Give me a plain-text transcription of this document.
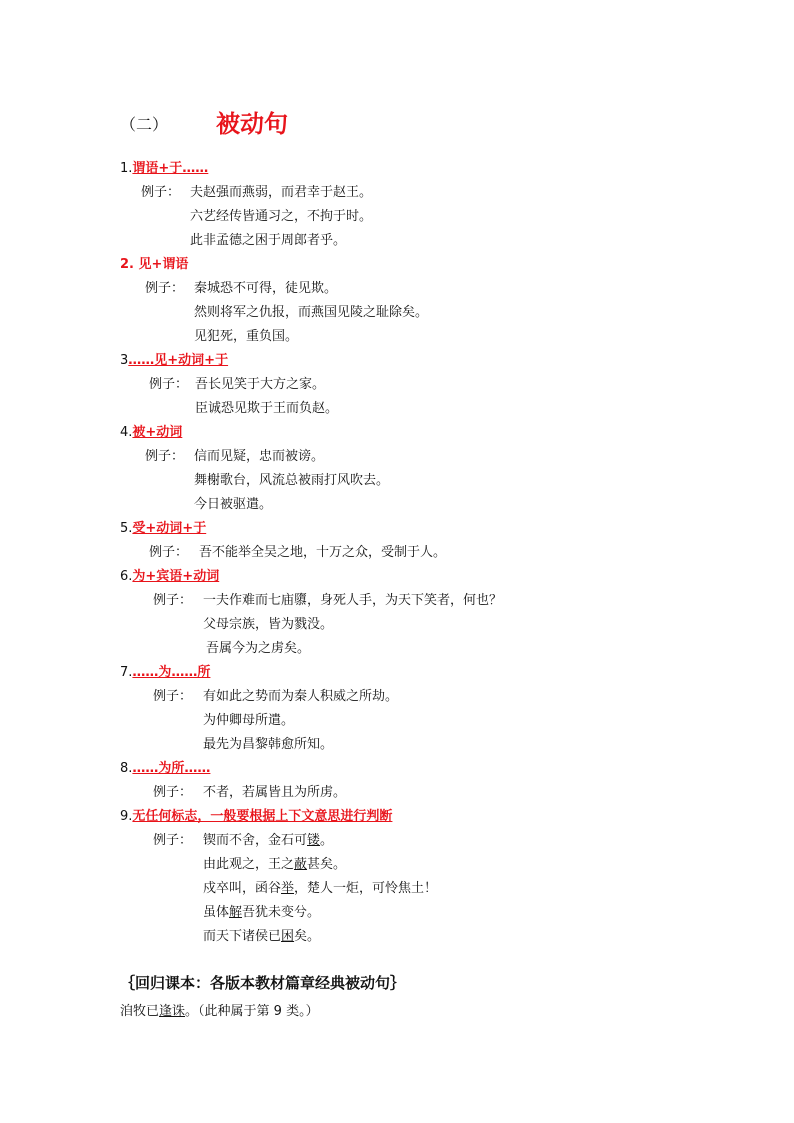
（二） 被动句
1.谓语+于……
例子： 夫赵强而燕弱，而君幸于赵王。
六艺经传皆通习之，不拘于时。
此非孟德之困于周郎者乎。
2. 见+谓语
例子： 秦城恐不可得，徒见欺。
然则将军之仇报，而燕国见陵之耻除矣。
见犯死，重负国。
3……见+动词+于
例子： 吾长见笑于大方之家。
臣诚恐见欺于王而负赵。
4.被+动词
例子： 信而见疑，忠而被谤。
舞榭歌台，风流总被雨打风吹去。
今日被驱遣。
5.受+动词+于
例子： 吾不能举全吴之地，十万之众，受制于人。
6.为+宾语+动词
例子： 一夫作难而七庙隳，身死人手，为天下笑者，何也？
父母宗族，皆为戮没。
吾属今为之虏矣。
7.……为……所
例子： 有如此之势而为秦人积威之所劫。
为仲卿母所遣。
最先为昌黎韩愈所知。
8.……为所……
例子： 不者，若属皆且为所虏。
9.无任何标志，一般要根据上下文意思进行判断
例子： 锲而不舍，金石可镂。
由此观之，王之蔽甚矣。
戍卒叫，函谷举，楚人一炬，可怜焦土！
虽体解吾犹未变兮。
而天下诸侯已困矣。
｛回归课本：各版本教材篇章经典被动句｝
洎牧已逢诛。（此种属于第 9 类。）
